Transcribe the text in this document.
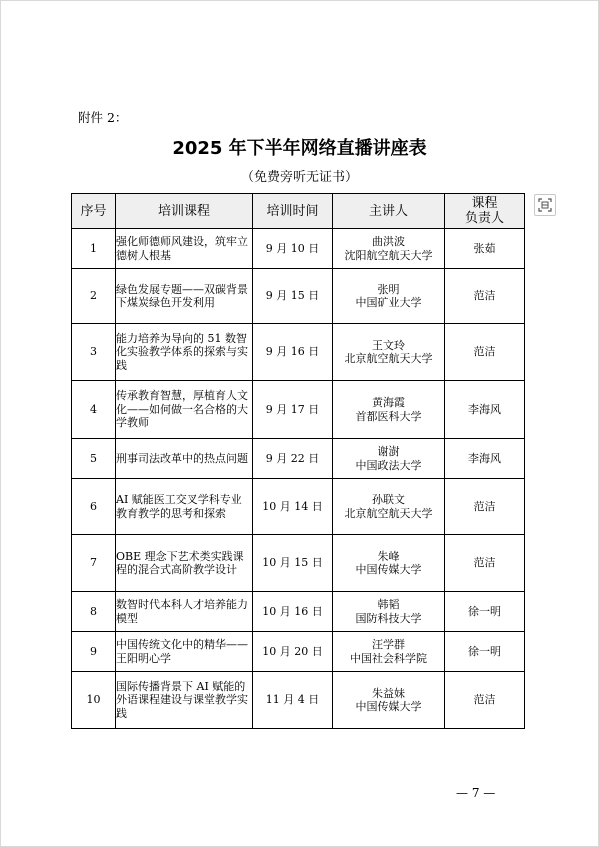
附件 2：
2025 年下半年网络直播讲座表
（免费旁听无证书）
序号	培训课程	培训时间	主讲人	课程
负责人
1	强化师德师风建设，筑牢立德树人根基	9 月 10 日	曲洪波
沈阳航空航天大学	张茹
2	绿色发展专题——双碳背景下煤炭绿色开发利用	9 月 15 日	张明
中国矿业大学	范洁
3	能力培养为导向的 51 数智化实验教学体系的探索与实践	9 月 16 日	王文玲
北京航空航天大学	范洁
4	传承教育智慧，厚植育人文化——如何做一名合格的大学教师	9 月 17 日	黄海霞
首都医科大学	李海风
5	刑事司法改革中的热点问题	9 月 22 日	谢澍
中国政法大学	李海风
6	AI 赋能医工交叉学科专业教育教学的思考和探索	10 月 14 日	孙联文
北京航空航天大学	范洁
7	OBE 理念下艺术类实践课程的混合式高阶教学设计	10 月 15 日	朱峰
中国传媒大学	范洁
8	数智时代本科人才培养能力模型	10 月 16 日	韩韬
国防科技大学	徐一明
9	中国传统文化中的精华——王阳明心学	10 月 20 日	汪学群
中国社会科学院	徐一明
10	国际传播背景下 AI 赋能的外语课程建设与课堂教学实践	11 月 4 日	朱益妹
中国传媒大学	范洁
— 7 —
